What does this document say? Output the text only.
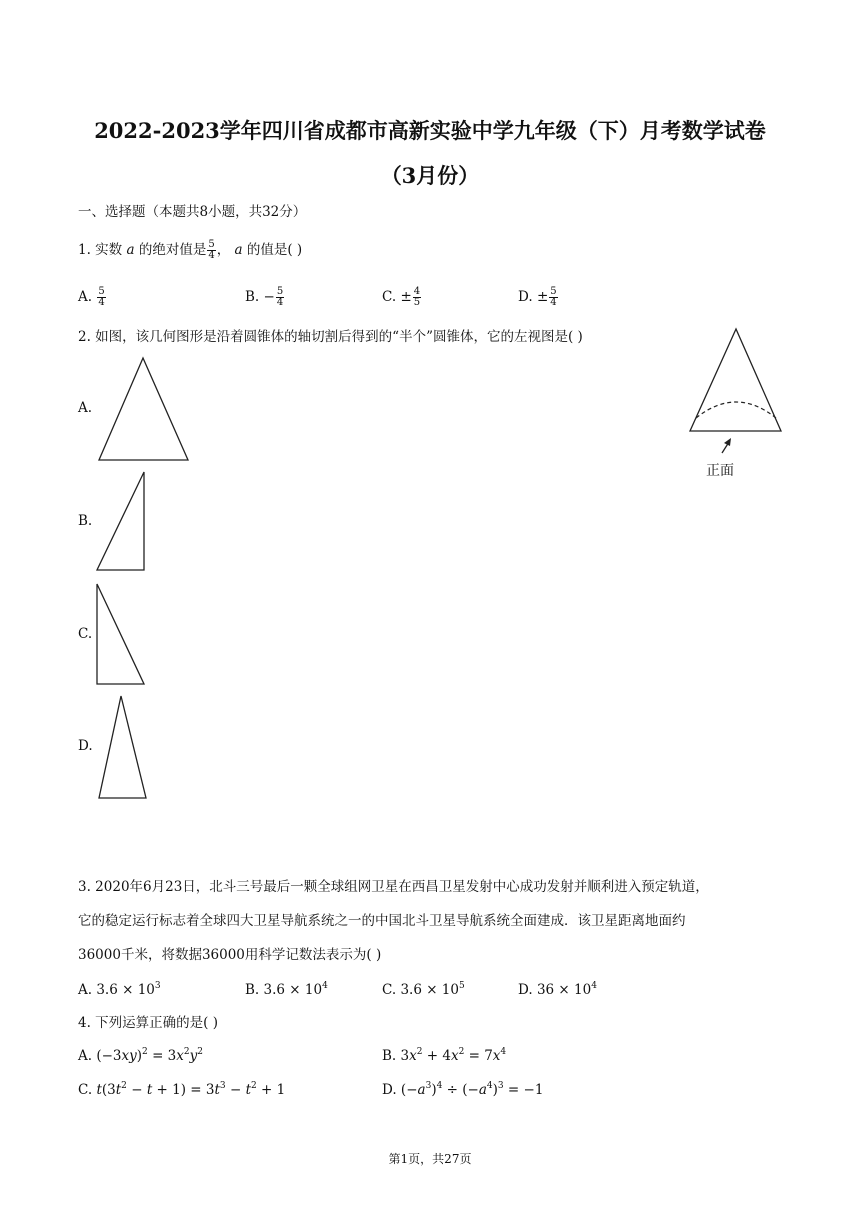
2022-2023学年四川省成都市高新实验中学九年级（下）月考数学试卷
（3月份）
一、选择题（本题共8小题，共32分）
1. 实数 a 的绝对值是 $\frac{5}{4}$ ， a 的值是( )
A. $\frac{5}{4}$	B. − $\frac{5}{4}$	C. ± $\frac{4}{5}$	D. ± $\frac{5}{4}$
2. 如图，该几何图形是沿着圆锥体的轴切割后得到的“半个”圆锥体，它的左视图是( )
正面
A.
B.
C.
D.
3. 2020年6月23日，北斗三号最后一颗全球组网卫星在西昌卫星发射中心成功发射并顺利进入预定轨道，
它的稳定运行标志着全球四大卫星导航系统之一的中国北斗卫星导航系统全面建成．该卫星距离地面约
36000千米，将数据36000用科学记数法表示为( )
A. $3.6 \times 10^3$	B. $3.6 \times 10^4$	C. $3.6 \times 10^5$	D. $36 \times 10^4$
4. 下列运算正确的是( )
A. $(-3xy)^2 = 3x^2y^2$	B. $3x^2 + 4x^2 = 7x^4$
C. $t(3t^2 - t + 1) = 3t^3 - t^2 + 1$	D. $(-a^3)^4 \div (-a^4)^3 = -1$
第1页，共27页
